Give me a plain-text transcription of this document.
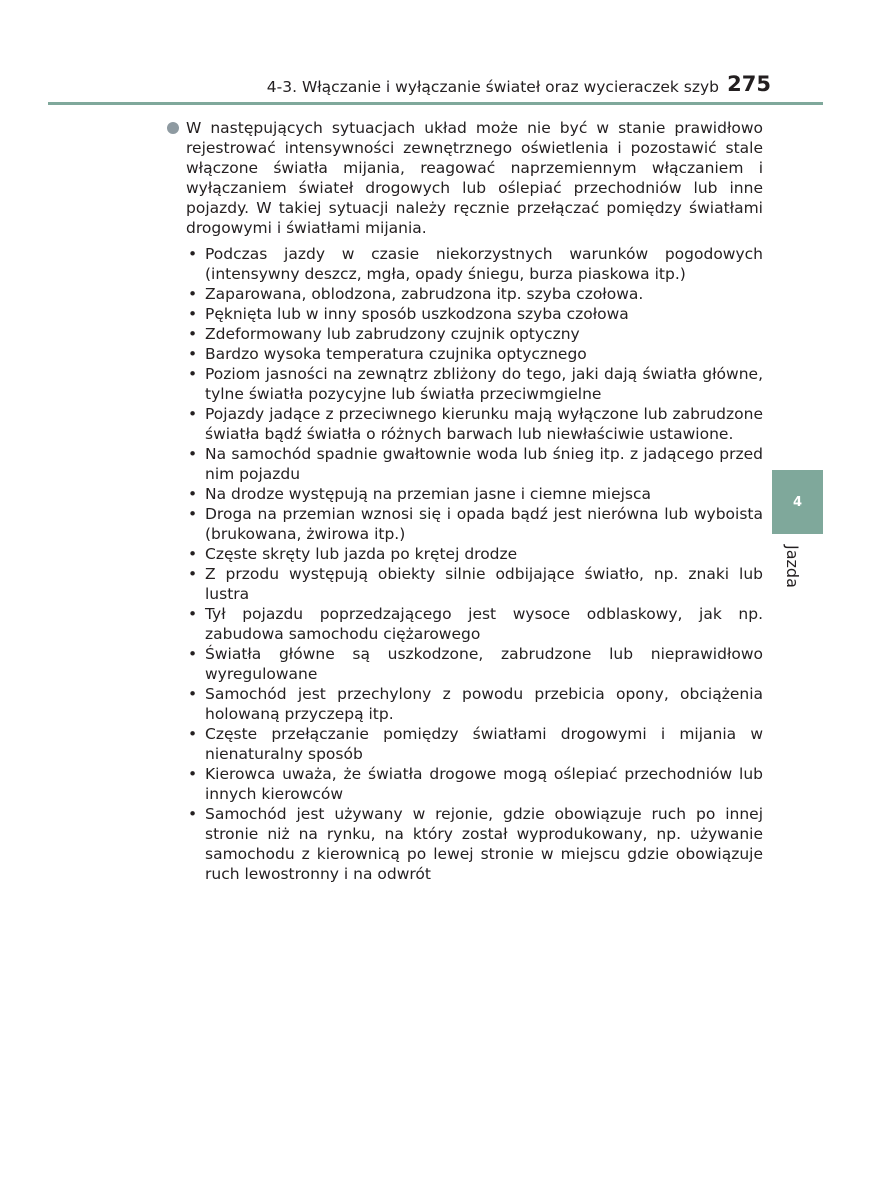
4-3. Włączanie i wyłączanie świateł oraz wycieraczek szyb 275

W następujących sytuacjach układ może nie być w stanie prawidłowo rejestrować intensywności zewnętrznego oświetlenia i pozostawić stale włączone światła mijania, reagować naprzemiennym włączaniem i wyłączaniem świateł drogowych lub oślepiać przechodniów lub inne pojazdy. W takiej sytuacji należy ręcznie przełączać pomiędzy światłami drogowymi i światłami mijania.

• Podczas jazdy w czasie niekorzystnych warunków pogodowych (intensywny deszcz, mgła, opady śniegu, burza piaskowa itp.)
• Zaparowana, oblodzona, zabrudzona itp. szyba czołowa.
• Pęknięta lub w inny sposób uszkodzona szyba czołowa
• Zdeformowany lub zabrudzony czujnik optyczny
• Bardzo wysoka temperatura czujnika optycznego
• Poziom jasności na zewnątrz zbliżony do tego, jaki dają światła główne, tylne światła pozycyjne lub światła przeciwmgielne
• Pojazdy jadące z przeciwnego kierunku mają wyłączone lub zabrudzone światła bądź światła o różnych barwach lub niewłaściwie ustawione.
• Na samochód spadnie gwałtownie woda lub śnieg itp. z jadącego przed nim pojazdu
• Na drodze występują na przemian jasne i ciemne miejsca
• Droga na przemian wznosi się i opada bądź jest nierówna lub wyboista (brukowana, żwirowa itp.)
• Częste skręty lub jazda po krętej drodze
• Z przodu występują obiekty silnie odbijające światło, np. znaki lub lustra
• Tył pojazdu poprzedzającego jest wysoce odblaskowy, jak np. zabudowa samochodu ciężarowego
• Światła główne są uszkodzone, zabrudzone lub nieprawidłowo wyregulowane
• Samochód jest przechylony z powodu przebicia opony, obciążenia holowaną przyczepą itp.
• Częste przełączanie pomiędzy światłami drogowymi i mijania w nienaturalny sposób
• Kierowca uważa, że światła drogowe mogą oślepiać przechodniów lub innych kierowców
• Samochód jest używany w rejonie, gdzie obowiązuje ruch po innej stronie niż na rynku, na który został wyprodukowany, np. używanie samochodu z kierownicą po lewej stronie w miejscu gdzie obowiązuje ruch lewostronny i na odwrót
4
Jazda
